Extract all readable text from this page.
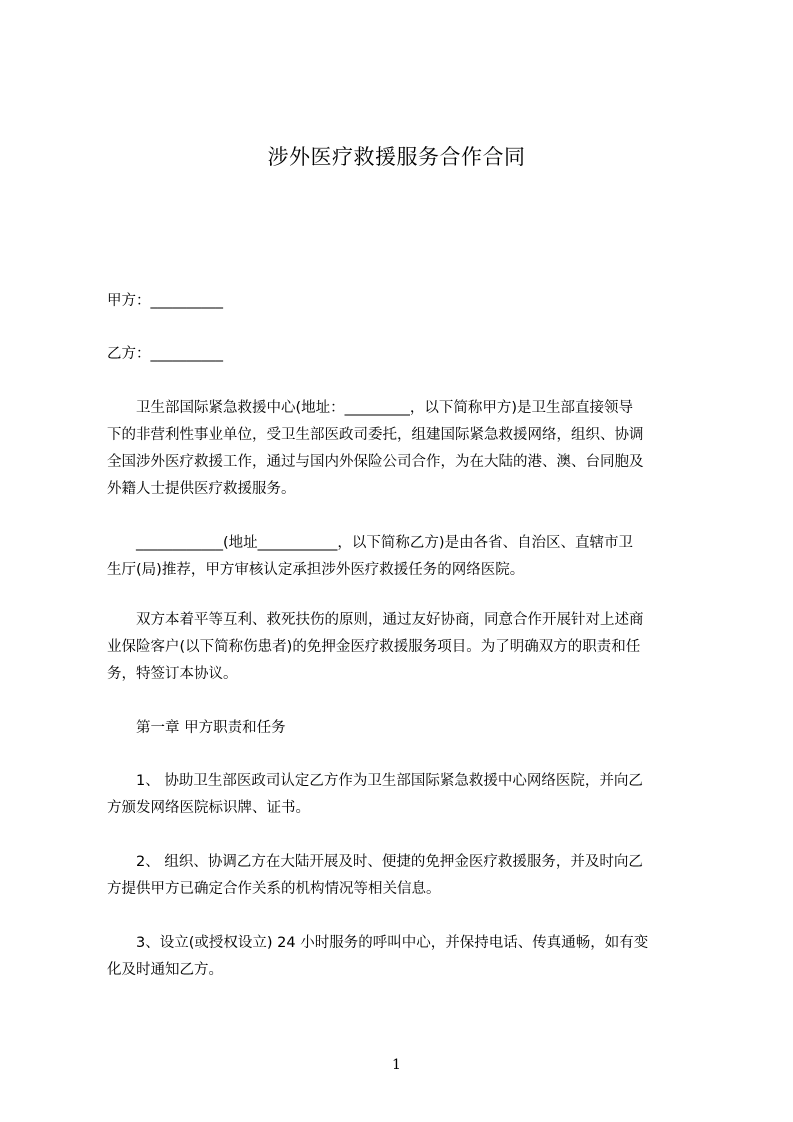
涉外医疗救援服务合作合同
甲方：__________
乙方：__________
　　卫生部国际紧急救援中心(地址：_________，以下简称甲方)是卫生部直接领导
下的非营利性事业单位，受卫生部医政司委托，组建国际紧急救援网络，组织、协调
全国涉外医疗救援工作，通过与国内外保险公司合作，为在大陆的港、澳、台同胞及
外籍人士提供医疗救援服务。
　　____________(地址___________，以下简称乙方)是由各省、自治区、直辖市卫
生厅(局)推荐，甲方审核认定承担涉外医疗救援任务的网络医院。
　　双方本着平等互利、救死扶伤的原则，通过友好协商，同意合作开展针对上述商
业保险客户(以下简称伤患者)的免押金医疗救援服务项目。为了明确双方的职责和任
务，特签订本协议。
　　第一章 甲方职责和任务
　　1、 协助卫生部医政司认定乙方作为卫生部国际紧急救援中心网络医院，并向乙
方颁发网络医院标识牌、证书。
　　2、 组织、协调乙方在大陆开展及时、便捷的免押金医疗救援服务，并及时向乙
方提供甲方已确定合作关系的机构情况等相关信息。
　　3、设立(或授权设立) 24 小时服务的呼叫中心，并保持电话、传真通畅，如有变
化及时通知乙方。
1
